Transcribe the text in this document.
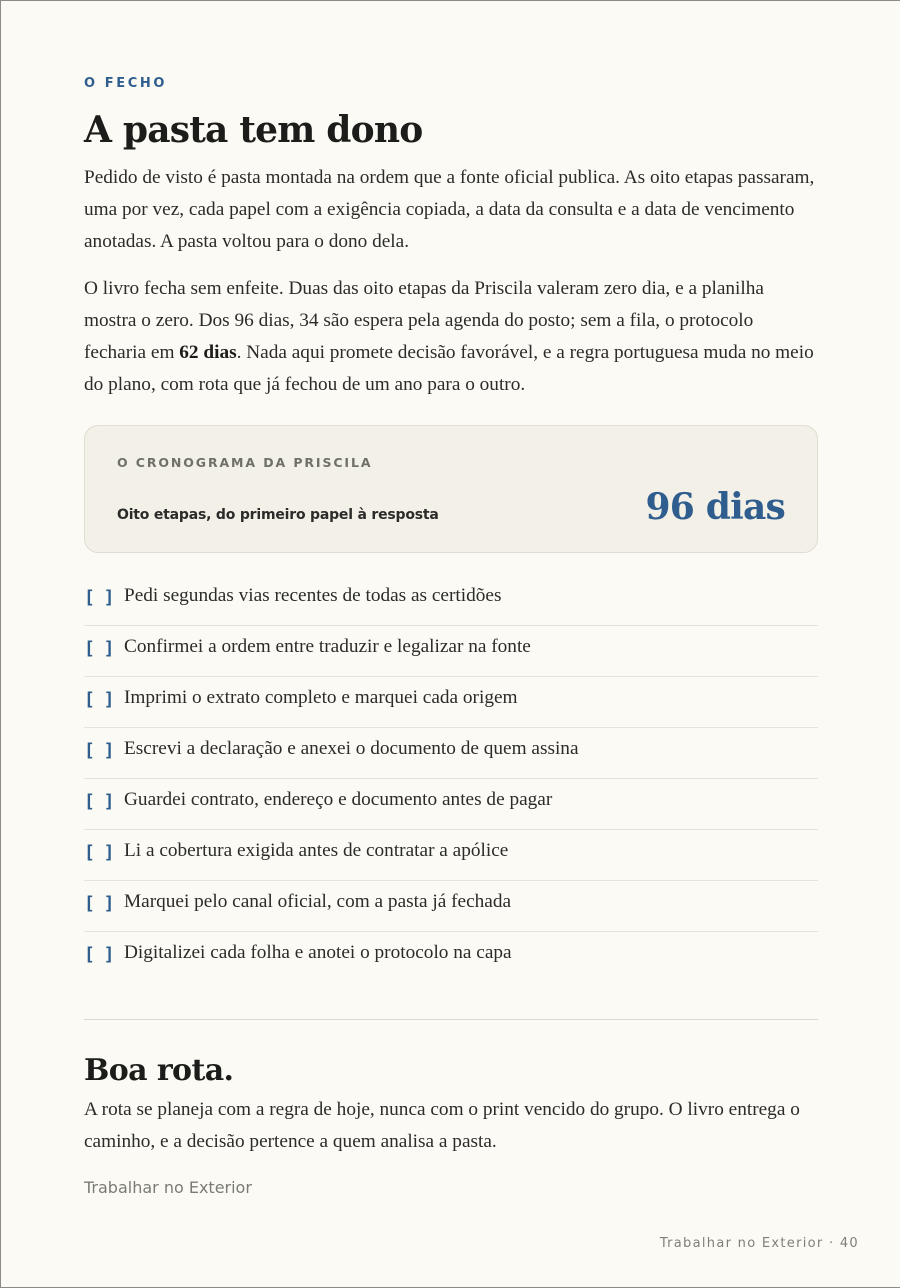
O FECHO
A pasta tem dono

Pedido de visto é pasta montada na ordem que a fonte oficial publica. As oito etapas passaram, uma por vez, cada papel com a exigência copiada, a data da consulta e a data de vencimento anotadas. A pasta voltou para o dono dela.

O livro fecha sem enfeite. Duas das oito etapas da Priscila valeram zero dia, e a planilha mostra o zero. Dos 96 dias, 34 são espera pela agenda do posto; sem a fila, o protocolo fecharia em 62 dias. Nada aqui promete decisão favorável, e a regra portuguesa muda no meio do plano, com rota que já fechou de um ano para o outro.

O CRONOGRAMA DA PRISCILA
Oito etapas, do primeiro papel à resposta	96 dias
[ ] Pedi segundas vias recentes de todas as certidões
[ ] Confirmei a ordem entre traduzir e legalizar na fonte
[ ] Imprimi o extrato completo e marquei cada origem
[ ] Escrevi a declaração e anexei o documento de quem assina
[ ] Guardei contrato, endereço e documento antes de pagar
[ ] Li a cobertura exigida antes de contratar a apólice
[ ] Marquei pelo canal oficial, com a pasta já fechada
[ ] Digitalizei cada folha e anotei o protocolo na capa
Boa rota.

A rota se planeja com a regra de hoje, nunca com o print vencido do grupo. O livro entrega o caminho, e a decisão pertence a quem analisa a pasta.

Trabalhar no Exterior
Trabalhar no Exterior · 40
